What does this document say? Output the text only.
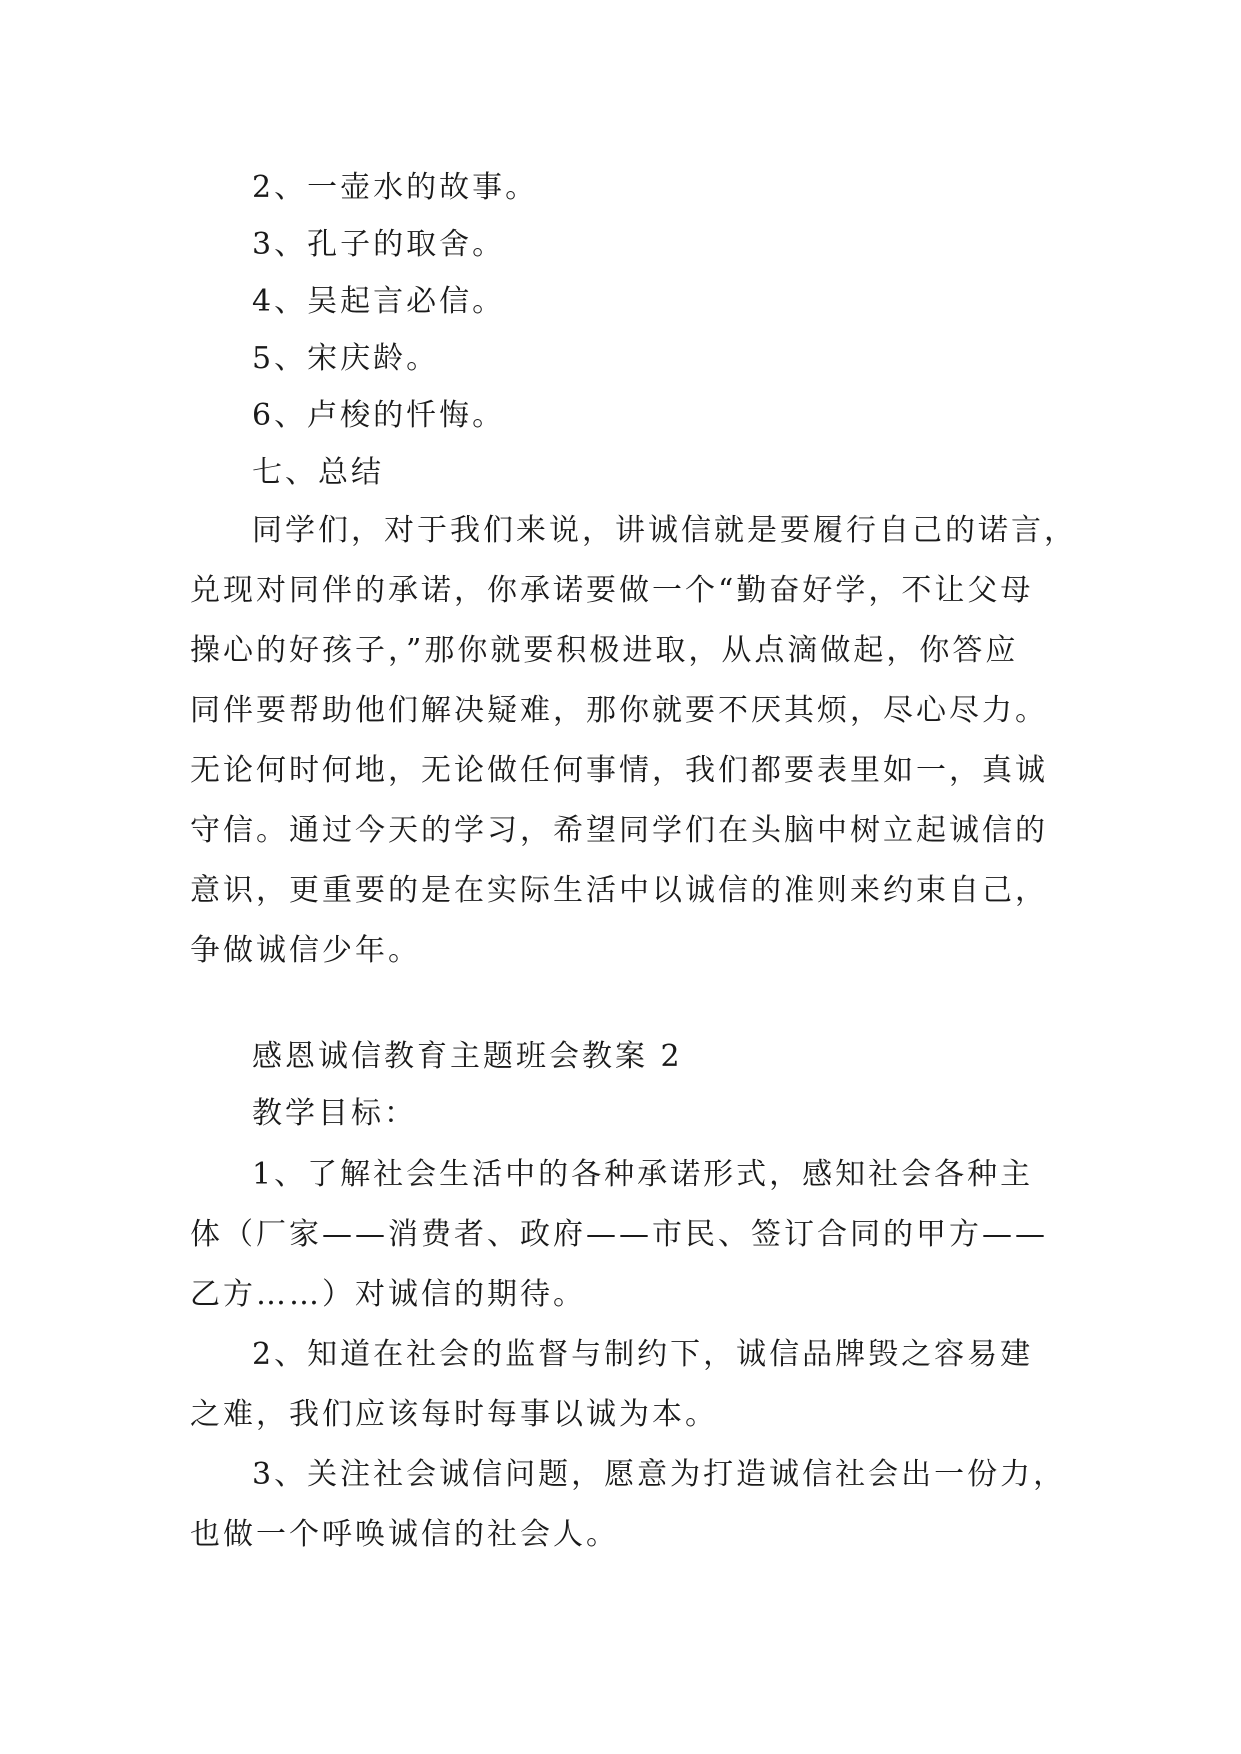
2、一壶水的故事。
3、孔子的取舍。
4、吴起言必信。
5、宋庆龄。
6、卢梭的忏悔。
七、总结
同学们，对于我们来说，讲诚信就是要履行自己的诺言，
兑现对同伴的承诺，你承诺要做一个“勤奋好学，不让父母
操心的好孩子，”那你就要积极进取，从点滴做起，你答应
同伴要帮助他们解决疑难，那你就要不厌其烦，尽心尽力。
无论何时何地，无论做任何事情，我们都要表里如一，真诚
守信。通过今天的学习，希望同学们在头脑中树立起诚信的
意识，更重要的是在实际生活中以诚信的准则来约束自己，
争做诚信少年。
感恩诚信教育主题班会教案 2
教学目标：
1、了解社会生活中的各种承诺形式，感知社会各种主
体（厂家——消费者、政府——市民、签订合同的甲方——
乙方……）对诚信的期待。
2、知道在社会的监督与制约下，诚信品牌毁之容易建
之难，我们应该每时每事以诚为本。
3、关注社会诚信问题，愿意为打造诚信社会出一份力，
也做一个呼唤诚信的社会人。
